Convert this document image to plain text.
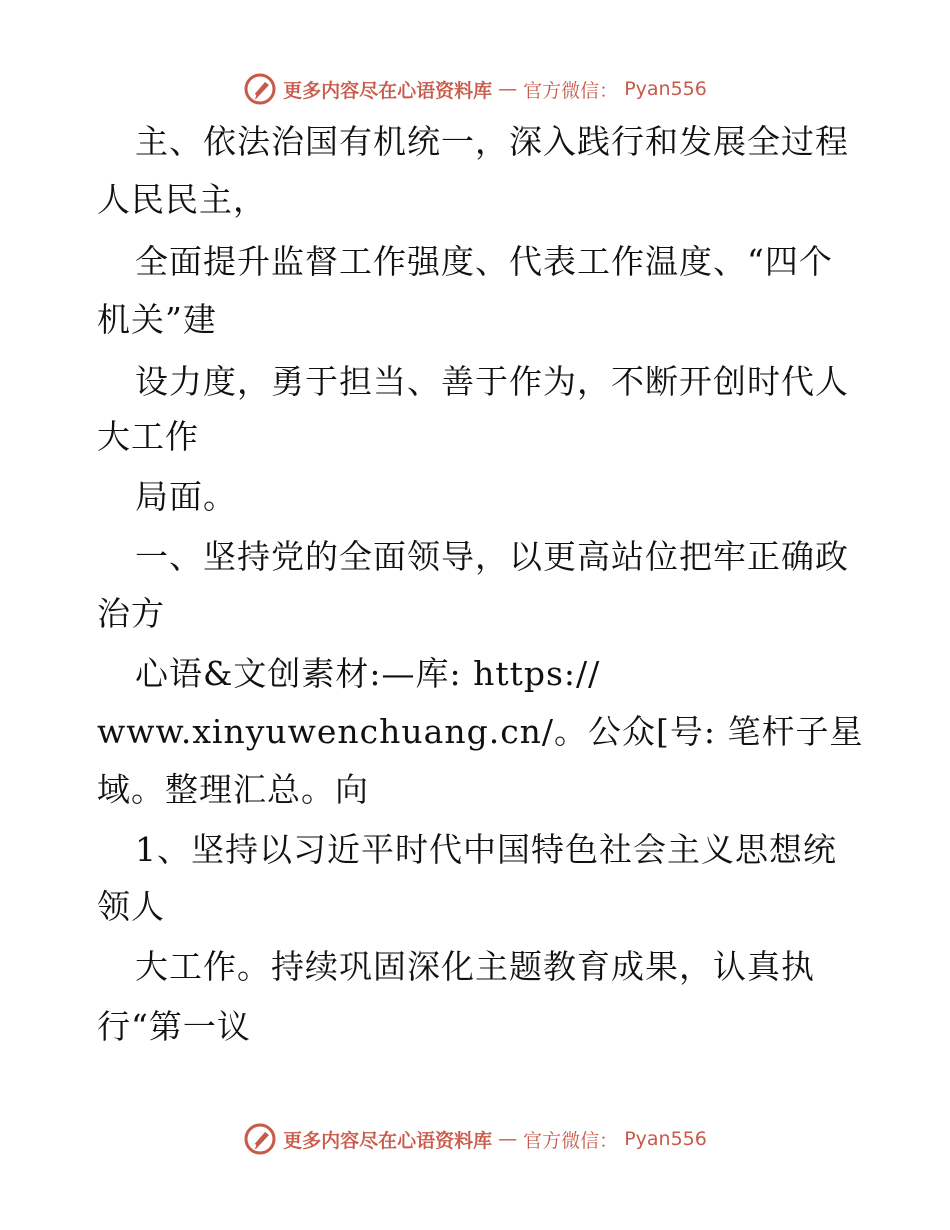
更多内容尽在心语资料库 — 官方微信： Pyan556
主、依法治国有机统一，深入践行和发展全过程
人民民主，
全面提升监督工作强度、代表工作温度、“四个
机关”建
设力度，勇于担当、善于作为，不断开创时代人
大工作
局面。
一、坚持党的全面领导，以更高站位把牢正确政
治方
心语&文创素材:—库: https://
www.xinyuwenchuang.cn/。公众[号: 笔杆子星
域。整理汇总。向
1、坚持以习近平时代中国特色社会主义思想统
领人
大工作。持续巩固深化主题教育成果，认真执
行“第一议
更多内容尽在心语资料库 — 官方微信： Pyan556
